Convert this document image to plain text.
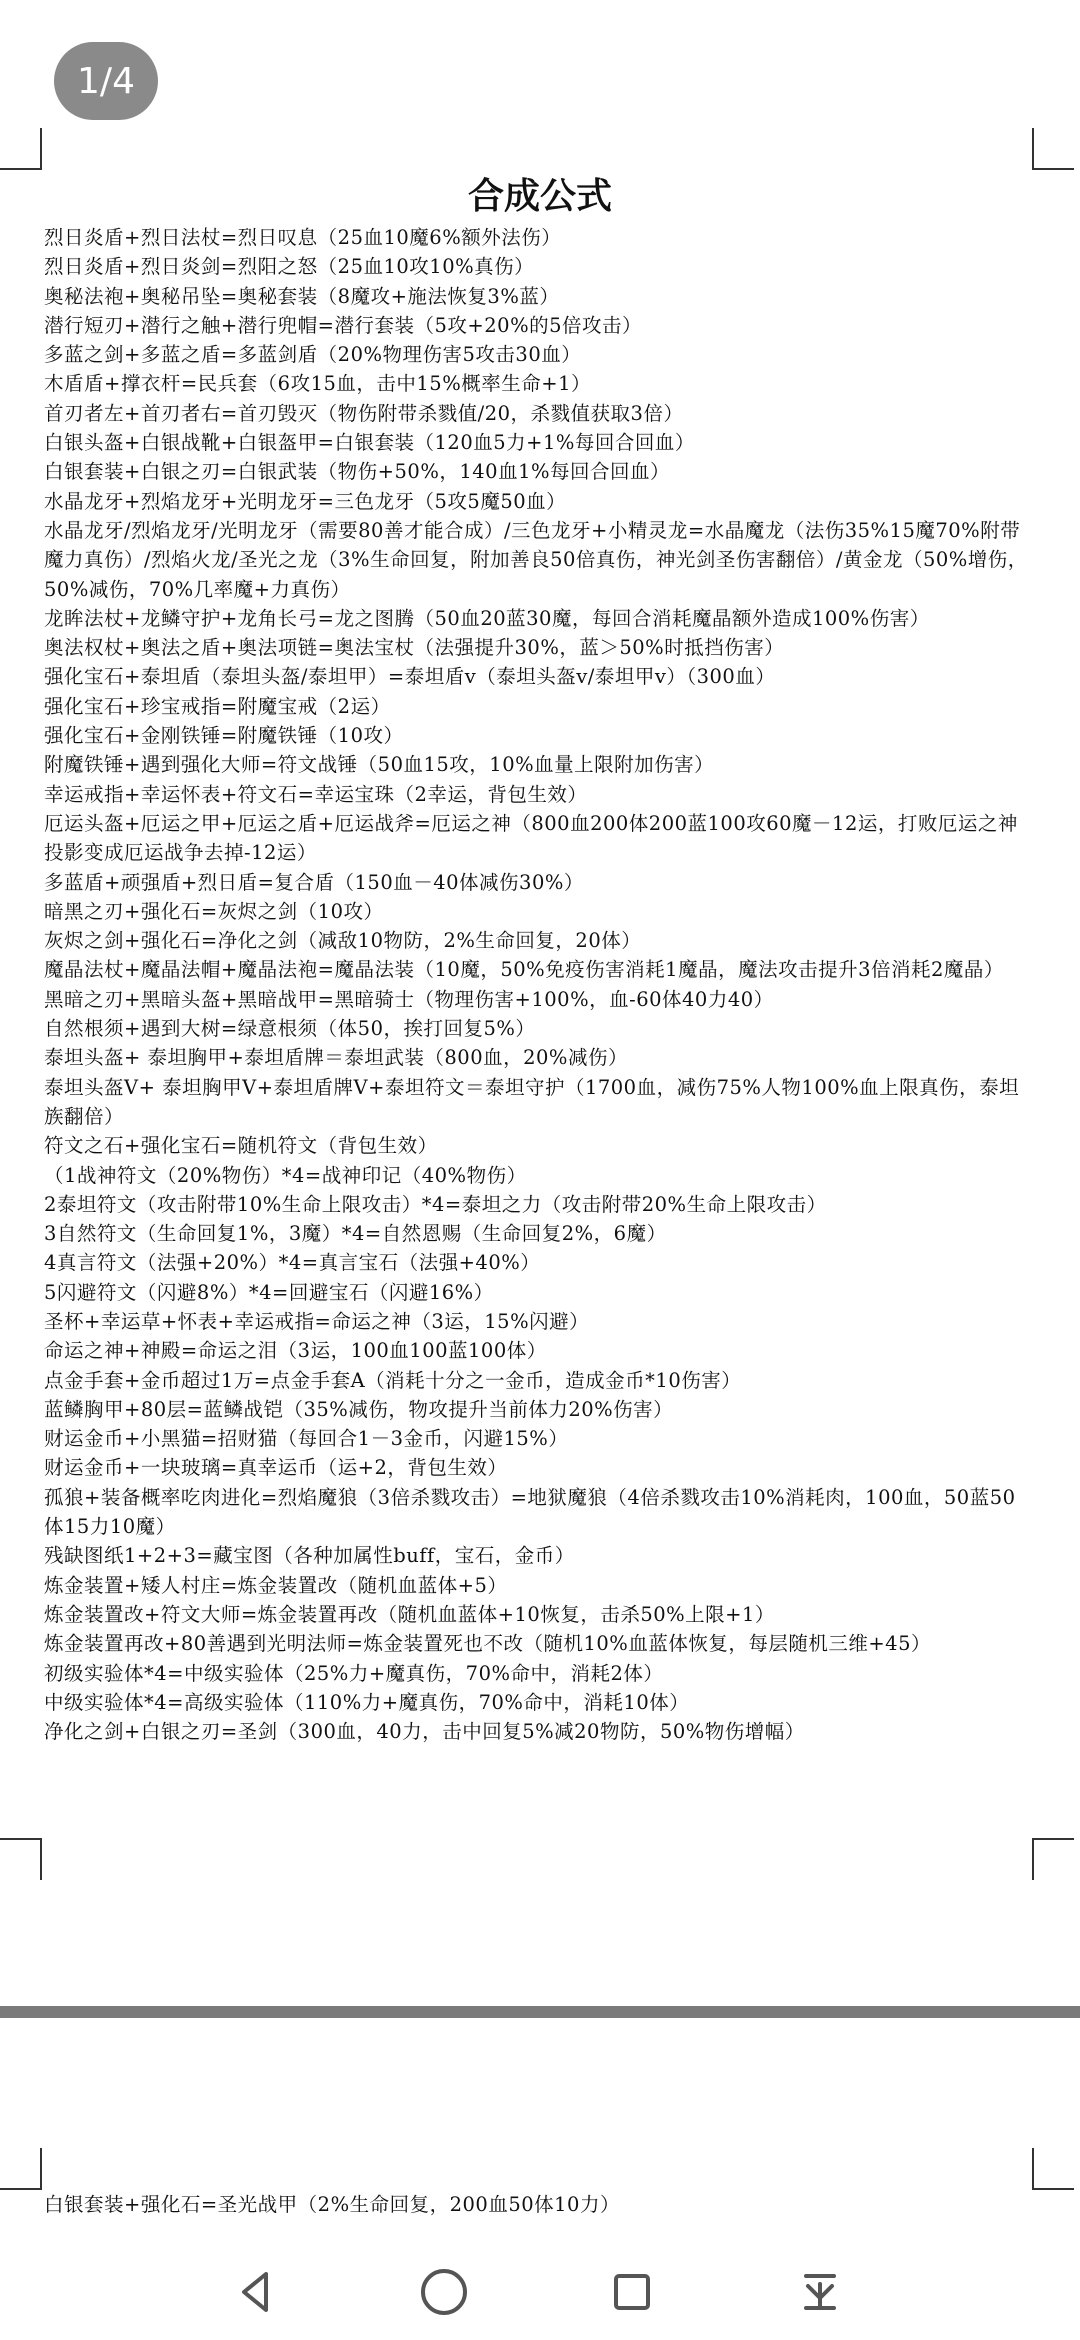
1/4
合成公式

烈日炎盾+烈日法杖=烈日叹息（25血10魔6%额外法伤）

烈日炎盾+烈日炎剑=烈阳之怒（25血10攻10%真伤）

奥秘法袍+奥秘吊坠=奥秘套装（8魔攻+施法恢复3%蓝）

潜行短刃+潜行之触+潜行兜帽=潜行套装（5攻+20%的5倍攻击）

多蓝之剑+多蓝之盾=多蓝剑盾（20%物理伤害5攻击30血）

木盾盾+撑衣杆=民兵套（6攻15血，击中15%概率生命+1）

首刃者左+首刃者右=首刃毁灭（物伤附带杀戮值/20，杀戮值获取3倍）

白银头盔+白银战靴+白银盔甲=白银套装（120血5力+1%每回合回血）

白银套装+白银之刃=白银武装（物伤+50%，140血1%每回合回血）

水晶龙牙+烈焰龙牙+光明龙牙=三色龙牙（5攻5魔50血）

水晶龙牙/烈焰龙牙/光明龙牙（需要80善才能合成）/三色龙牙+小精灵龙=水晶魔龙（法伤35%15魔70%附带魔力真伤）/烈焰火龙/圣光之龙（3%生命回复，附加善良50倍真伤，神光剑圣伤害翻倍）/黄金龙（50%增伤，50%减伤，70%几率魔+力真伤）

龙眸法杖+龙鳞守护+龙角长弓=龙之图腾（50血20蓝30魔，每回合消耗魔晶额外造成100%伤害）

奥法权杖+奥法之盾+奥法项链=奥法宝杖（法强提升30%，蓝＞50%时抵挡伤害）

强化宝石+泰坦盾（泰坦头盔/泰坦甲）=泰坦盾v（泰坦头盔v/泰坦甲v）（300血）

强化宝石+珍宝戒指=附魔宝戒（2运）

强化宝石+金刚铁锤=附魔铁锤（10攻）

附魔铁锤+遇到强化大师=符文战锤（50血15攻，10%血量上限附加伤害）

幸运戒指+幸运怀表+符文石=幸运宝珠（2幸运，背包生效）

厄运头盔+厄运之甲+厄运之盾+厄运战斧=厄运之神（800血200体200蓝100攻60魔－12运，打败厄运之神投影变成厄运战争去掉-12运）

多蓝盾+顽强盾+烈日盾=复合盾（150血－40体减伤30%）

暗黑之刃+强化石=灰烬之剑（10攻）

灰烬之剑+强化石=净化之剑（减敌10物防，2%生命回复，20体）

魔晶法杖+魔晶法帽+魔晶法袍=魔晶法装（10魔，50%免疫伤害消耗1魔晶，魔法攻击提升3倍消耗2魔晶）

黑暗之刃+黑暗头盔+黑暗战甲=黑暗骑士（物理伤害+100%，血-60体40力40）

自然根须+遇到大树=绿意根须（体50，挨打回复5%）

泰坦头盔+ 泰坦胸甲+泰坦盾牌＝泰坦武装（800血，20%减伤）

泰坦头盔V+ 泰坦胸甲V+泰坦盾牌V+泰坦符文＝泰坦守护（1700血，减伤75%人物100%血上限真伤，泰坦族翻倍）

符文之石+强化宝石=随机符文（背包生效）

（1战神符文（20%物伤）*4=战神印记（40%物伤）

2泰坦符文（攻击附带10%生命上限攻击）*4=泰坦之力（攻击附带20%生命上限攻击）

3自然符文（生命回复1%，3魔）*4=自然恩赐（生命回复2%，6魔）

4真言符文（法强+20%）*4=真言宝石（法强+40%）

5闪避符文（闪避8%）*4=回避宝石（闪避16%）

圣杯+幸运草+怀表+幸运戒指=命运之神（3运，15%闪避）

命运之神+神殿=命运之泪（3运，100血100蓝100体）

点金手套+金币超过1万=点金手套A（消耗十分之一金币，造成金币*10伤害）

蓝鳞胸甲+80层=蓝鳞战铠（35%减伤，物攻提升当前体力20%伤害）

财运金币+小黑猫=招财猫（每回合1－3金币，闪避15%）

财运金币+一块玻璃=真幸运币（运+2，背包生效）

孤狼+装备概率吃肉进化=烈焰魔狼（3倍杀戮攻击）=地狱魔狼（4倍杀戮攻击10%消耗肉，100血，50蓝50体15力10魔）

残缺图纸1+2+3=藏宝图（各种加属性buff，宝石，金币）

炼金装置+矮人村庄=炼金装置改（随机血蓝体+5）

炼金装置改+符文大师=炼金装置再改（随机血蓝体+10恢复，击杀50%上限+1）

炼金装置再改+80善遇到光明法师=炼金装置死也不改（随机10%血蓝体恢复，每层随机三维+45）

初级实验体*4=中级实验体（25%力+魔真伤，70%命中，消耗2体）

中级实验体*4=高级实验体（110%力+魔真伤，70%命中，消耗10体）

净化之剑+白银之刃=圣剑（300血，40力，击中回复5%减20物防，50%物伤增幅）

白银套装+强化石=圣光战甲（2%生命回复，200血50体10力）
